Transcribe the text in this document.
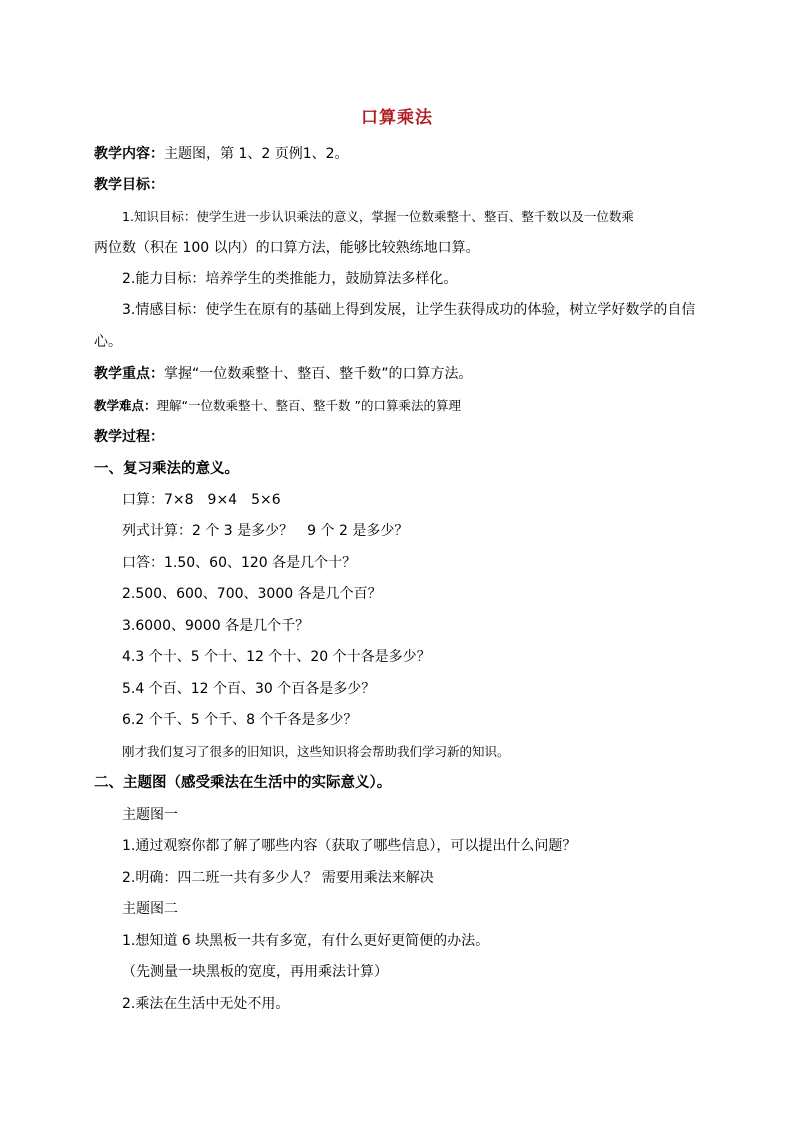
口算乘法
教学内容：主题图，第 1、2 页例1、2。
教学目标：
1.知识目标：使学生进一步认识乘法的意义，掌握一位数乘整十、整百、整千数以及一位数乘
两位数（积在 100 以内）的口算方法，能够比较熟练地口算。
2.能力目标：培养学生的类推能力，鼓励算法多样化。
3.情感目标：使学生在原有的基础上得到发展，让学生获得成功的体验，树立学好数学的自信
心。
教学重点：掌握“一位数乘整十、整百、整千数”的口算方法。
教学难点：理解“一位数乘整十、整百、整千数 ”的口算乘法的算理
教学过程：
一、复习乘法的意义。
口算：7×8　9×4　5×6
列式计算：2 个 3 是多少？　9 个 2 是多少？
口答：1.50、60、120 各是几个十？
2.500、600、700、3000 各是几个百？
3.6000、9000 各是几个千？
4.3 个十、5 个十、12 个十、20 个十各是多少？
5.4 个百、12 个百、30 个百各是多少？
6.2 个千、5 个千、8 个千各是多少？
刚才我们复习了很多的旧知识，这些知识将会帮助我们学习新的知识。
二、主题图（感受乘法在生活中的实际意义）。
主题图一
1.通过观察你都了解了哪些内容（获取了哪些信息），可以提出什么问题？
2.明确：四二班一共有多少人？ 需要用乘法来解决
主题图二
1.想知道 6 块黑板一共有多宽，有什么更好更简便的办法。
（先测量一块黑板的宽度，再用乘法计算）
2.乘法在生活中无处不用。
